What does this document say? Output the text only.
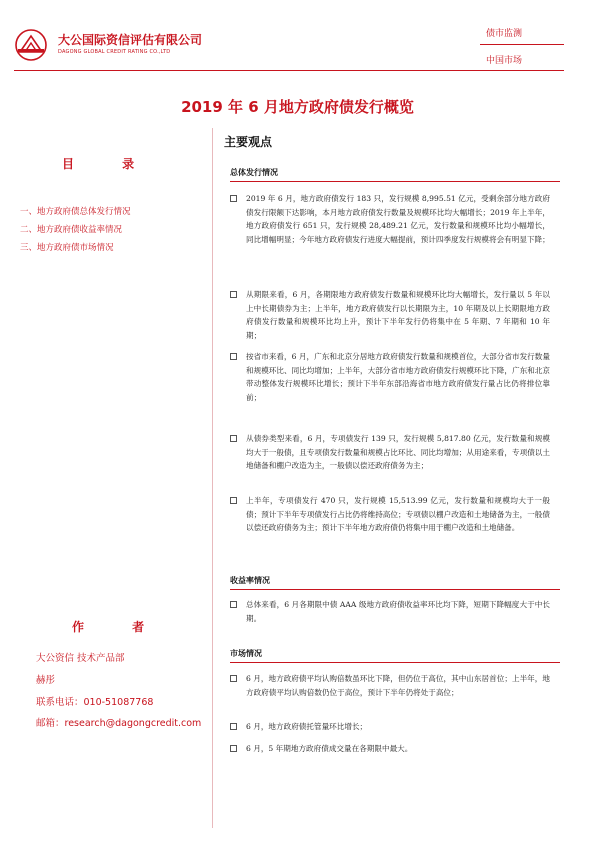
大公国际资信评估有限公司
DAGONG GLOBAL CREDIT RATING CO.,LTD
债市监测
中国市场
2019 年 6 月地方政府债发行概览
目 录
一、地方政府债总体发行情况
二、地方政府债收益率情况
三、地方政府债市场情况
作 者
大公资信 技术产品部
赫彤
联系电话：010-51087768
邮箱：research@dagongcredit.com
主要观点
总体发行情况
2019 年 6 月，地方政府债发行 183 只，发行规模 8,995.51 亿元，受剩余部分地方政府债发行限额下达影响，本月地方政府债发行数量及规模环比均大幅增长；2019 年上半年，地方政府债发行 651 只，发行规模 28,489.21 亿元，发行数量和规模环比均小幅增长，同比增幅明显；今年地方政府债发行进度大幅提前，预计四季度发行规模将会有明显下降；
从期限来看，6 月，各期限地方政府债发行数量和规模环比均大幅增长，发行量以 5 年以上中长期债券为主；上半年，地方政府债发行以长期限为主，10 年期及以上长期限地方政府债发行数量和规模环比均上升，预计下半年发行仍将集中在 5 年期、7 年期和 10 年期；
按省市来看，6 月，广东和北京分居地方政府债发行数量和规模首位，大部分省市发行数量和规模环比、同比均增加；上半年，大部分省市地方政府债发行规模环比下降，广东和北京带动整体发行规模环比增长；预计下半年东部沿海省市地方政府债发行量占比仍将排位靠前；
从债券类型来看，6 月，专项债发行 139 只，发行规模 5,817.80 亿元，发行数量和规模均大于一般债，且专项债发行数量和规模占比环比、同比均增加；从用途来看，专项债以土地储备和棚户改造为主，一般债以偿还政府债务为主；
上半年，专项债发行 470 只，发行规模 15,513.99 亿元，发行数量和规模均大于一般债；预计下半年专项债发行占比仍将维持高位；专项债以棚户改造和土地储备为主，一般债以偿还政府债务为主；预计下半年地方政府债仍将集中用于棚户改造和土地储备。
收益率情况
总体来看，6 月各期限中债 AAA 级地方政府债收益率环比均下降，短期下降幅度大于中长期。
市场情况
6 月，地方政府债平均认购倍数虽环比下降，但仍位于高位，其中山东居首位；上半年，地方政府债平均认购倍数仍位于高位，预计下半年仍将处于高位；
6 月，地方政府债托管量环比增长；
6 月，5 年期地方政府债成交量在各期限中最大。
